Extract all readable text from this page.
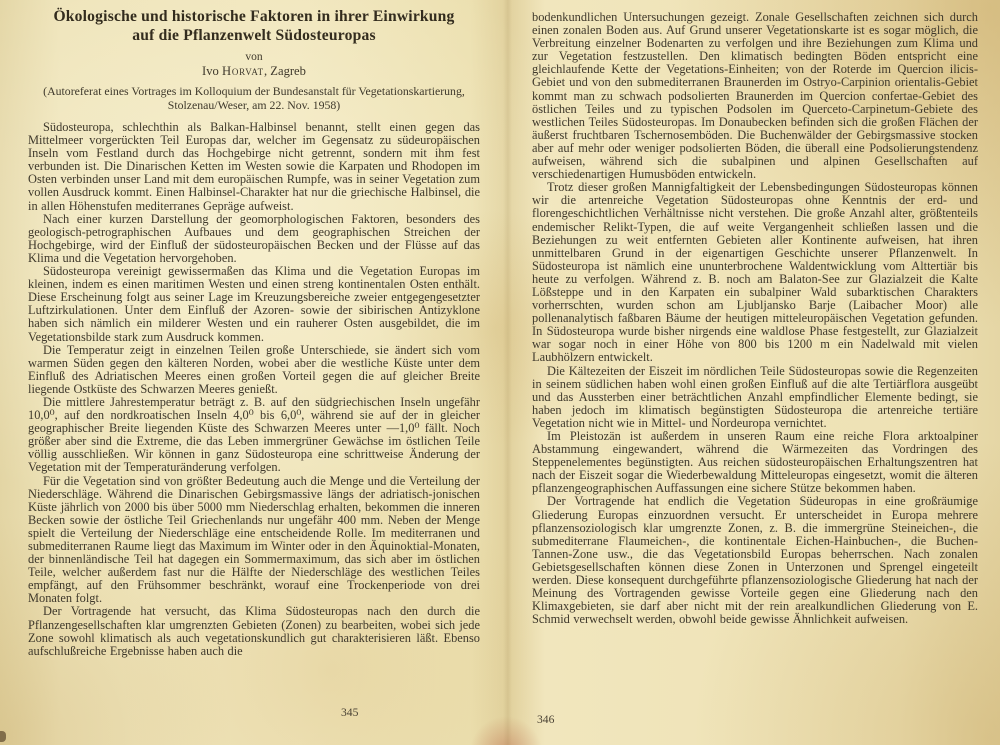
Ökologische und historische Faktoren in ihrer Einwirkung
auf die Pflanzenwelt Südosteuropas
von
Ivo Horvat, Zagreb
(Autoreferat eines Vortrages im Kolloquium der Bundesanstalt für Vegetationskartierung, Stolzenau/Weser, am 22. Nov. 1958)

Südosteuropa, schlechthin als Balkan-Halbinsel benannt, stellt einen gegen das Mittelmeer vorgerückten Teil Europas dar, welcher im Gegensatz zu südeuropäischen Inseln vom Festland durch das Hochgebirge nicht getrennt, sondern mit ihm fest verbunden ist. Die Dinarischen Ketten im Westen sowie die Karpaten und Rhodopen im Osten verbinden unser Land mit dem europäischen Rumpfe, was in seiner Vegetation zum vollen Ausdruck kommt. Einen Halbinsel-Charakter hat nur die griechische Halbinsel, die in allen Höhenstufen mediterranes Gepräge aufweist.

Nach einer kurzen Darstellung der geomorphologischen Faktoren, besonders des geologisch-petrographischen Aufbaues und dem geographischen Streichen der Hochgebirge, wird der Einfluß der südosteuropäischen Becken und der Flüsse auf das Klima und die Vegetation hervorgehoben.

Südosteuropa vereinigt gewissermaßen das Klima und die Vegetation Europas im kleinen, indem es einen maritimen Westen und einen streng kontinentalen Osten enthält. Diese Erscheinung folgt aus seiner Lage im Kreuzungsbereiche zweier entgegengesetzter Luftzirkulationen. Unter dem Einfluß der Azoren- sowie der sibirischen Antizyklone haben sich nämlich ein milderer Westen und ein rauherer Osten ausgebildet, die im Vegetationsbilde stark zum Ausdruck kommen.

Die Temperatur zeigt in einzelnen Teilen große Unterschiede, sie ändert sich vom warmen Süden gegen den kälteren Norden, wobei aber die westliche Küste unter dem Einfluß des Adriatischen Meeres einen großen Vorteil gegen die auf gleicher Breite liegende Ostküste des Schwarzen Meeres genießt.

Die mittlere Jahrestemperatur beträgt z. B. auf den südgriechischen Inseln ungefähr 10,0⁰, auf den nordkroatischen Inseln 4,0⁰ bis 6,0⁰, während sie auf der in gleicher geographischer Breite liegenden Küste des Schwarzen Meeres unter —1,0⁰ fällt. Noch größer aber sind die Extreme, die das Leben immergrüner Gewächse im östlichen Teile völlig ausschließen. Wir können in ganz Südosteuropa eine schrittweise Änderung der Vegetation mit der Temperaturänderung verfolgen.

Für die Vegetation sind von größter Bedeutung auch die Menge und die Verteilung der Niederschläge. Während die Dinarischen Gebirgsmassive längs der adriatisch-jonischen Küste jährlich von 2000 bis über 5000 mm Niederschlag erhalten, bekommen die inneren Becken sowie der östliche Teil Griechenlands nur ungefähr 400 mm. Neben der Menge spielt die Verteilung der Niederschläge eine entscheidende Rolle. Im mediterranen und submediterranen Raume liegt das Maximum im Winter oder in den Äquinoktial-Monaten, der binnenländische Teil hat dagegen ein Sommermaximum, das sich aber im östlichen Teile, welcher außerdem fast nur die Hälfte der Niederschläge des westlichen Teiles empfängt, auf den Frühsommer beschränkt, worauf eine Trockenperiode von drei Monaten folgt.

Der Vortragende hat versucht, das Klima Südosteuropas nach den durch die Pflanzengesellschaften klar umgrenzten Gebieten (Zonen) zu bearbeiten, wobei sich jede Zone sowohl klimatisch als auch vegetationskundlich gut charakterisieren läßt. Ebenso aufschlußreiche Ergebnisse haben auch die

bodenkundlichen Untersuchungen gezeigt. Zonale Gesellschaften zeichnen sich durch einen zonalen Boden aus. Auf Grund unserer Vegetationskarte ist es sogar möglich, die Verbreitung einzelner Bodenarten zu verfolgen und ihre Beziehungen zum Klima und zur Vegetation festzustellen. Den klimatisch bedingten Böden entspricht eine gleichlaufende Kette der Vegetations-Einheiten; von der Roterde im Quercion ilicis-Gebiet und von den submediterranen Braunerden im Ostryo-Carpinion orientalis-Gebiet kommt man zu schwach podsolierten Braunerden im Quercion confertae-Gebiet des östlichen Teiles und zu typischen Podsolen im Querceto-Carpinetum-Gebiete des westlichen Teiles Südosteuropas. Im Donaubecken befinden sich die großen Flächen der äußerst fruchtbaren Tschernosemböden. Die Buchenwälder der Gebirgsmassive stocken aber auf mehr oder weniger podsolierten Böden, die überall eine Podsolierungstendenz aufweisen, während sich die subalpinen und alpinen Gesellschaften auf verschiedenartigen Humusböden entwickeln.

Trotz dieser großen Mannigfaltigkeit der Lebensbedingungen Südosteuropas können wir die artenreiche Vegetation Südosteuropas ohne Kenntnis der erd- und florengeschichtlichen Verhältnisse nicht verstehen. Die große Anzahl alter, größtenteils endemischer Relikt-Typen, die auf weite Vergangenheit schließen lassen und die Beziehungen zu weit entfernten Gebieten aller Kontinente aufweisen, hat ihren unmittelbaren Grund in der eigenartigen Geschichte unserer Pflanzenwelt. In Südosteuropa ist nämlich eine ununterbrochene Waldentwicklung vom Alttertiär bis heute zu verfolgen. Während z. B. noch am Balaton-See zur Glazialzeit die Kalte Lößsteppe und in den Karpaten ein subalpiner Wald subarktischen Charakters vorherrschten, wurden schon am Ljubljansko Barje (Laibacher Moor) alle pollenanalytisch faßbaren Bäume der heutigen mitteleuropäischen Vegetation gefunden. In Südosteuropa wurde bisher nirgends eine waldlose Phase festgestellt, zur Glazialzeit war sogar noch in einer Höhe von 800 bis 1200 m ein Nadelwald mit vielen Laubhölzern entwickelt.

Die Kältezeiten der Eiszeit im nördlichen Teile Südosteuropas sowie die Regenzeiten in seinem südlichen haben wohl einen großen Einfluß auf die alte Tertiärflora ausgeübt und das Aussterben einer beträchtlichen Anzahl empfindlicher Elemente bedingt, sie haben jedoch im klimatisch begünstigten Südosteuropa die artenreiche tertiäre Vegetation nicht wie in Mittel- und Nordeuropa vernichtet.

Im Pleistozän ist außerdem in unseren Raum eine reiche Flora arktoalpiner Abstammung eingewandert, während die Wärmezeiten das Vordringen des Steppenelementes begünstigten. Aus reichen südosteuropäischen Erhaltungszentren hat nach der Eiszeit sogar die Wiederbewaldung Mitteleuropas eingesetzt, womit die älteren pflanzengeographischen Auffassungen eine sichere Stütze bekommen haben.

Der Vortragende hat endlich die Vegetation Südeuropas in eine großräumige Gliederung Europas einzuordnen versucht. Er unterscheidet in Europa mehrere pflanzensoziologisch klar umgrenzte Zonen, z. B. die immergrüne Steineichen-, die submediterrane Flaumeichen-, die kontinentale Eichen-Hainbuchen-, die Buchen-Tannen-Zone usw., die das Vegetationsbild Europas beherrschen. Nach zonalen Gebietsgesellschaften können diese Zonen in Unterzonen und Sprengel eingeteilt werden. Diese konsequent durchgeführte pflanzensoziologische Gliederung hat nach der Meinung des Vortragenden gewisse Vorteile gegen eine Gliederung nach den Klimaxgebieten, sie darf aber nicht mit der rein arealkundlichen Gliederung von E. Schmid verwechselt werden, obwohl beide gewisse Ähnlichkeit aufweisen.

345
346
